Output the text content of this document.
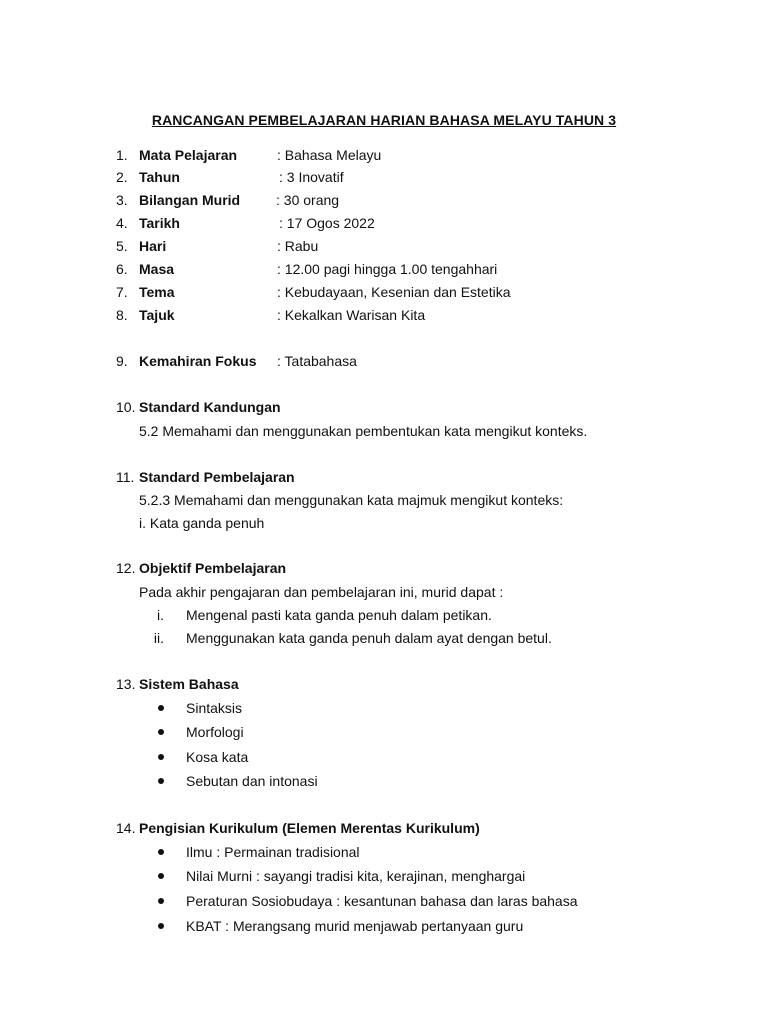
RANCANGAN PEMBELAJARAN HARIAN BAHASA MELAYU TAHUN 3
1. Mata Pelajaran	: Bahasa Melayu
2. Tahun	: 3 Inovatif
3. Bilangan Murid	: 30 orang
4. Tarikh	: 17 Ogos 2022
5. Hari	: Rabu
6. Masa	: 12.00 pagi hingga 1.00 tengahhari
7. Tema	: Kebudayaan, Kesenian dan Estetika
8. Tajuk	: Kekalkan Warisan Kita
9. Kemahiran Fokus : Tatabahasa
10. Standard Kandungan
5.2 Memahami dan menggunakan pembentukan kata mengikut konteks.
11. Standard Pembelajaran
5.2.3 Memahami dan menggunakan kata majmuk mengikut konteks:
i. Kata ganda penuh
12. Objektif Pembelajaran
Pada akhir pengajaran dan pembelajaran ini, murid dapat :
i. Mengenal pasti kata ganda penuh dalam petikan.
ii. Menggunakan kata ganda penuh dalam ayat dengan betul.
13. Sistem Bahasa
Sintaksis
Morfologi
Kosa kata
Sebutan dan intonasi
14. Pengisian Kurikulum (Elemen Merentas Kurikulum)
Ilmu : Permainan tradisional
Nilai Murni : sayangi tradisi kita, kerajinan, menghargai
Peraturan Sosiobudaya : kesantunan bahasa dan laras bahasa
KBAT : Merangsang murid menjawab pertanyaan guru
